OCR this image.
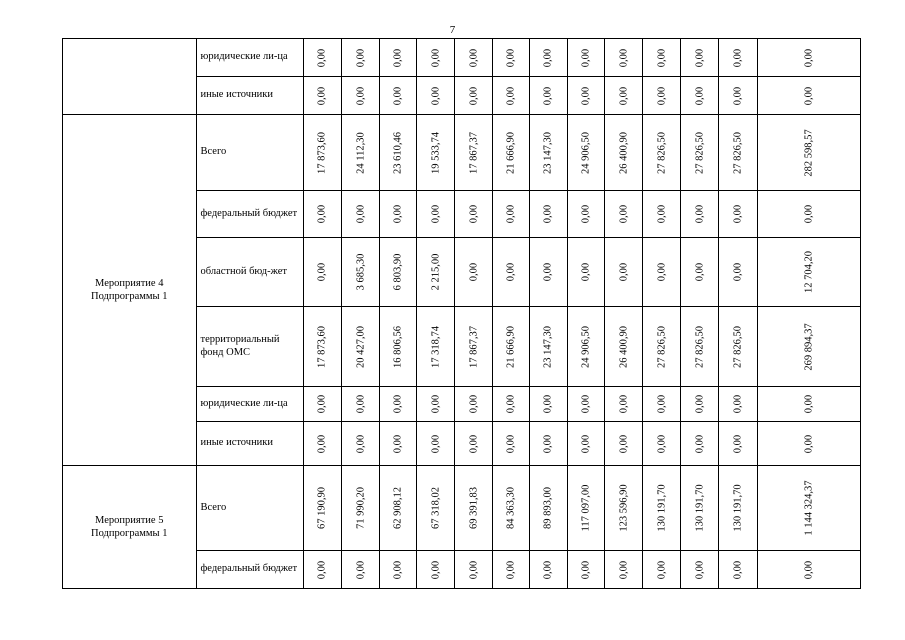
7
	юридические ли-ца	0,00	0,00	0,00	0,00	0,00	0,00	0,00	0,00	0,00	0,00	0,00	0,00	0,00

	иные источники	0,00	0,00	0,00	0,00	0,00	0,00	0,00	0,00	0,00	0,00	0,00	0,00	0,00

Мероприятие 4 Подпрограммы 1	Всего	17 873,60	24 112,30	23 610,46	19 533,74	17 867,37	21 666,90	23 147,30	24 906,50	26 400,90	27 826,50	27 826,50	27 826,50	282 598,57

	федеральный бюджет	0,00	0,00	0,00	0,00	0,00	0,00	0,00	0,00	0,00	0,00	0,00	0,00	0,00

	областной бюд-жет	0,00	3 685,30	6 803,90	2 215,00	0,00	0,00	0,00	0,00	0,00	0,00	0,00	0,00	12 704,20

	территориальный фонд ОМС	17 873,60	20 427,00	16 806,56	17 318,74	17 867,37	21 666,90	23 147,30	24 906,50	26 400,90	27 826,50	27 826,50	27 826,50	269 894,37

	юридические ли-ца	0,00	0,00	0,00	0,00	0,00	0,00	0,00	0,00	0,00	0,00	0,00	0,00	0,00

	иные источники	0,00	0,00	0,00	0,00	0,00	0,00	0,00	0,00	0,00	0,00	0,00	0,00	0,00

Мероприятие 5 Подпрограммы 1	Всего	67 190,90	71 990,20	62 908,12	67 318,02	69 391,83	84 363,30	89 893,00	117 097,00	123 596,90	130 191,70	130 191,70	130 191,70	1 144 324,37

	федеральный бюджет	0,00	0,00	0,00	0,00	0,00	0,00	0,00	0,00	0,00	0,00	0,00	0,00	0,00
